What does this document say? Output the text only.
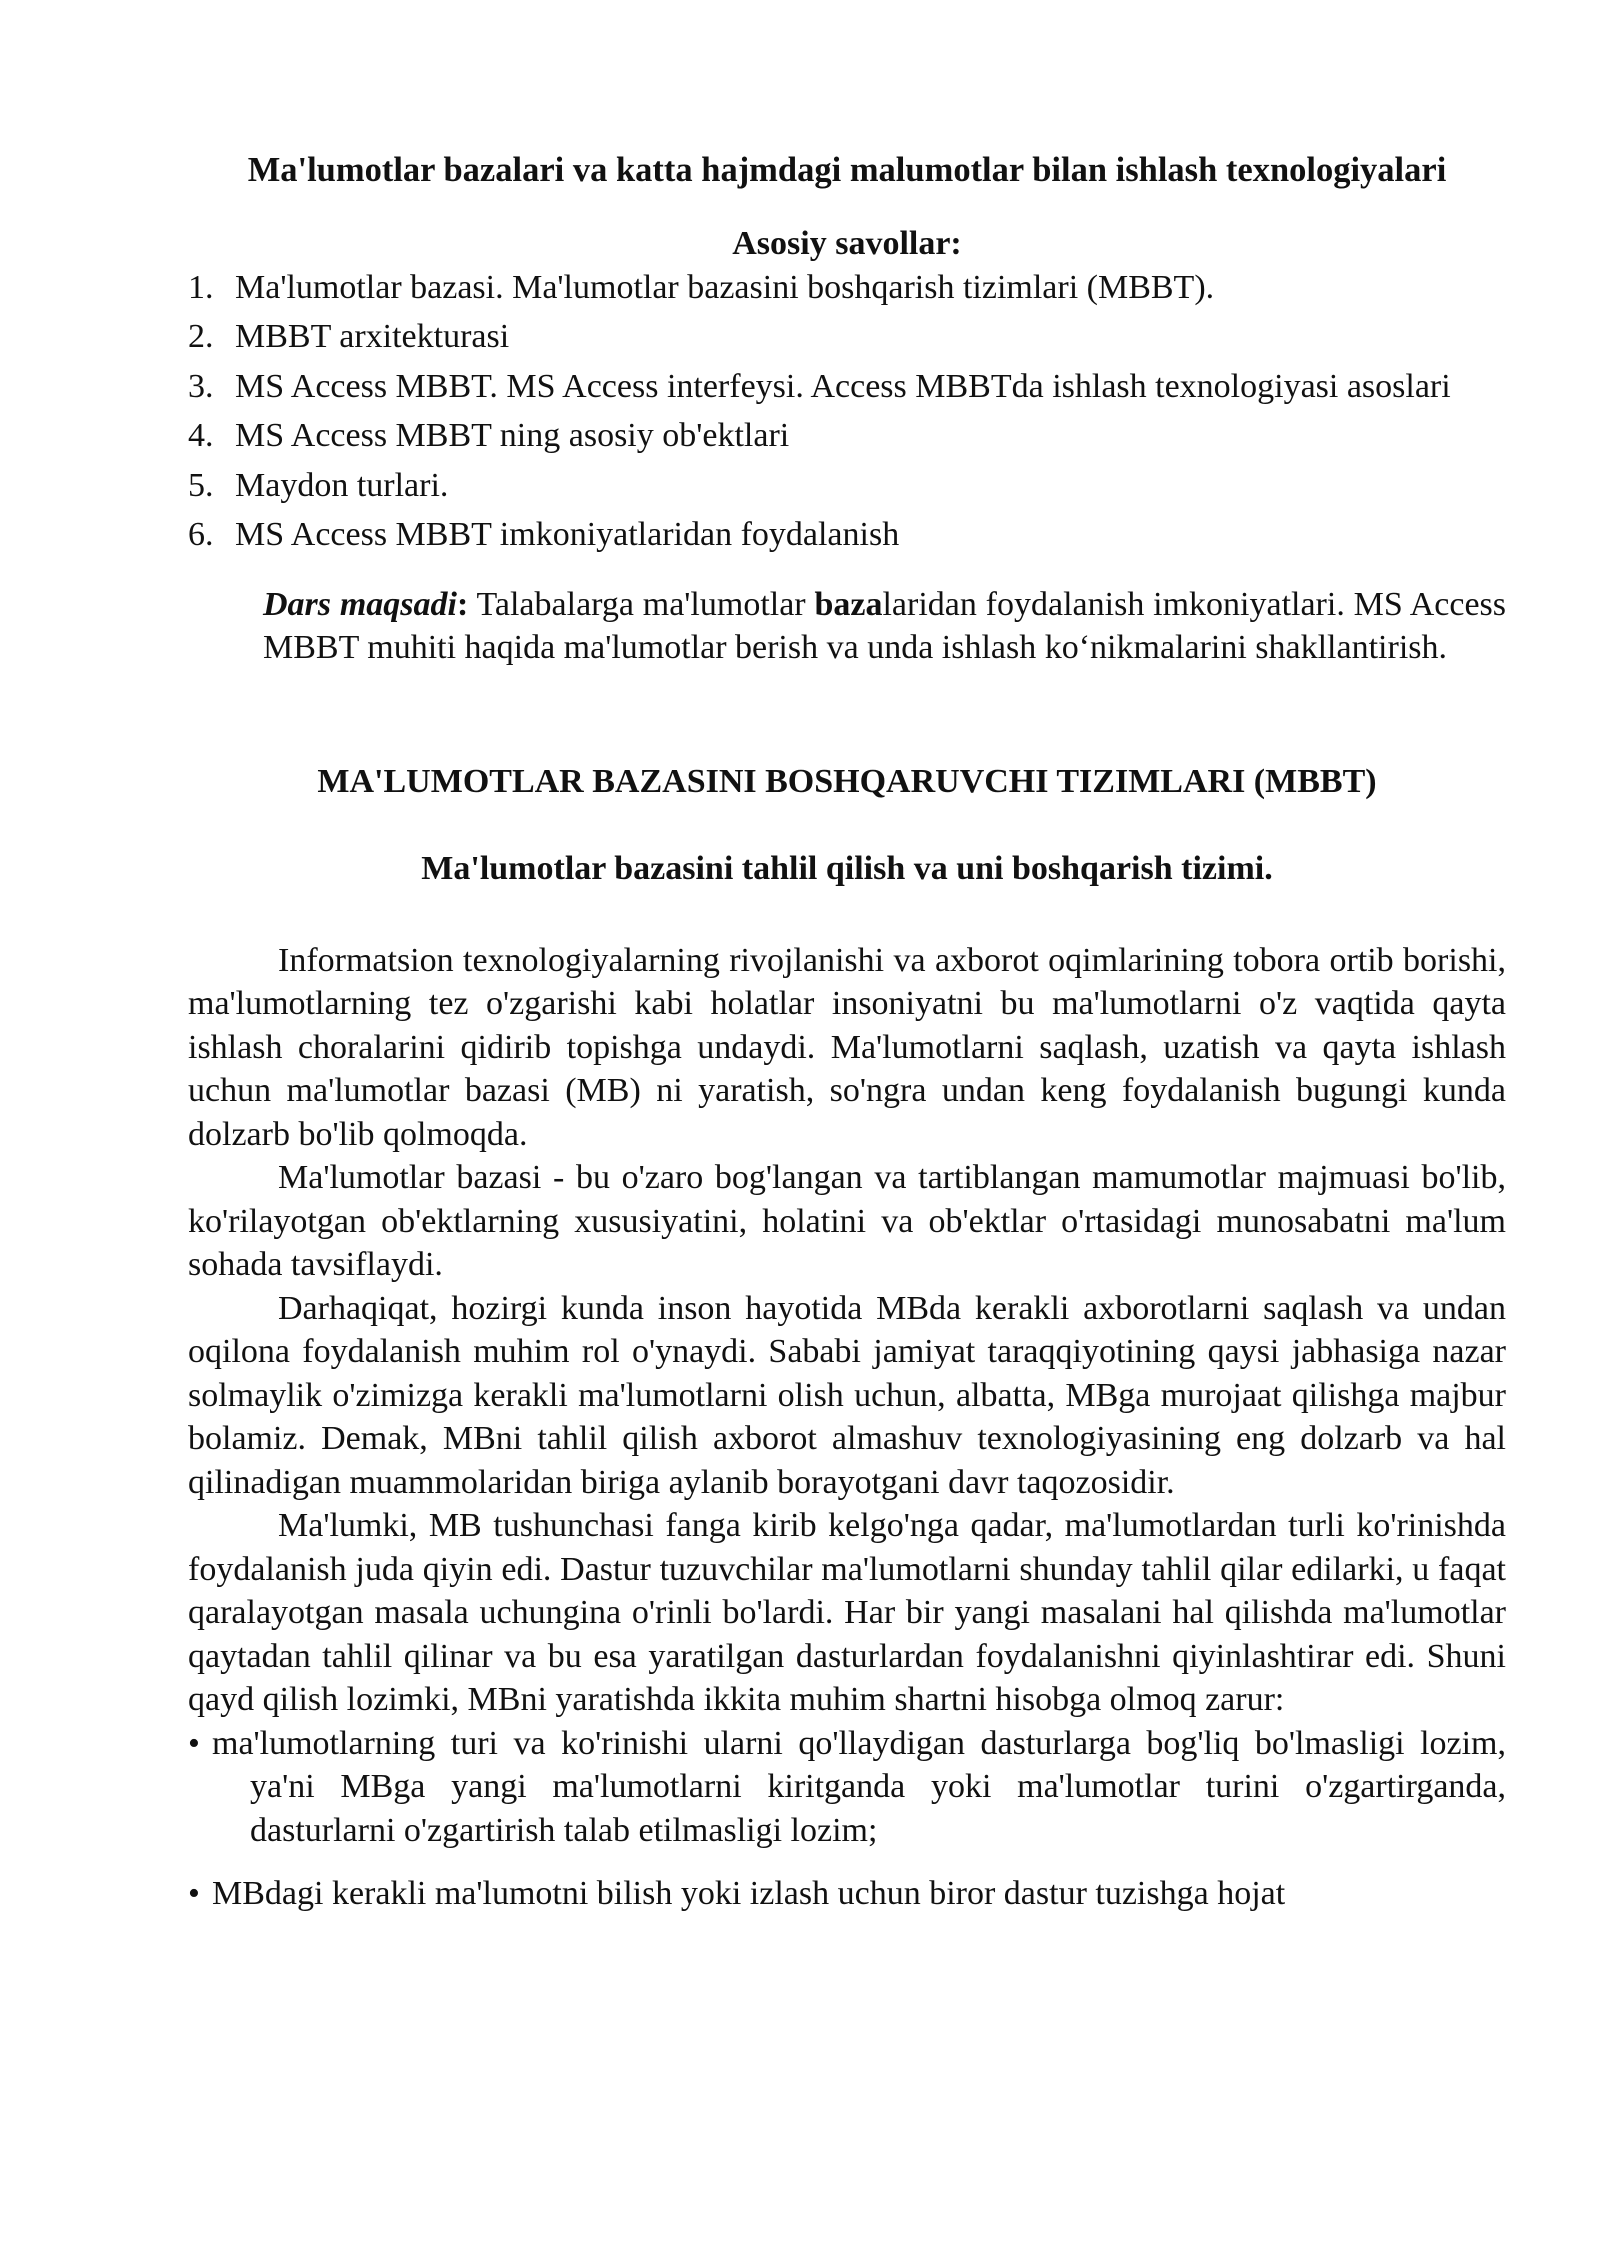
Ma'lumotlar bazalari va katta hajmdagi malumotlar bilan ishlash texnologiyalari

Asosiy savollar:

1. Ma'lumotlar bazasi. Ma'lumotlar bazasini boshqarish tizimlari (MBBT).
2. MBBT arxitekturasi
3. MS Access MBBT. MS Access interfeysi. Access MBBTda ishlash texnologiyasi asoslari
4. MS Access MBBT ning asosiy ob'ektlari
5. Maydon turlari.
6. MS Access MBBT imkoniyatlaridan foydalanish

Dars maqsadi: Talabalarga ma'lumotlar bazalaridan foydalanish imkoniyatlari. MS Access MBBT muhiti haqida ma'lumotlar berish va unda ishlash ko‘nikmalarini shakllantirish.

MA'LUMOTLAR BAZASINI BOSHQARUVCHI TIZIMLARI (MBBT)

Ma'lumotlar bazasini tahlil qilish va uni boshqarish tizimi.

Informatsion texnologiyalarning rivojlanishi va axborot oqimlarining tobora ortib borishi, ma'lumotlarning tez o'zgarishi kabi holatlar insoniyatni bu ma'lumotlarni o'z vaqtida qayta ishlash choralarini qidirib topishga undaydi. Ma'lumotlarni saqlash, uzatish va qayta ishlash uchun ma'lumotlar bazasi (MB) ni yaratish, so'ngra undan keng foydalanish bugungi kunda dolzarb bo'lib qolmoqda.

Ma'lumotlar bazasi - bu o'zaro bog'langan va tartiblangan mamumotlar majmuasi bo'lib, ko'rilayotgan ob'ektlarning xususiyatini, holatini va ob'ektlar o'rtasidagi munosabatni ma'lum sohada tavsiflaydi.

Darhaqiqat, hozirgi kunda inson hayotida MBda kerakli axborotlarni saqlash va undan oqilona foydalanish muhim rol o'ynaydi. Sababi jamiyat taraqqiyotining qaysi jabhasiga nazar solmaylik o'zimizga kerakli ma'lumotlarni olish uchun, albatta, MBga murojaat qilishga majbur bolamiz. Demak, MBni tahlil qilish axborot almashuv texnologiyasining eng dolzarb va hal qilinadigan muammolaridan biriga aylanib borayotgani davr taqozosidir.

Ma'lumki, MB tushunchasi fanga kirib kelgo'nga qadar, ma'lumotlardan turli ko'rinishda foydalanish juda qiyin edi. Dastur tuzuvchilar ma'lumotlarni shunday tahlil qilar edilarki, u faqat qaralayotgan masala uchungina o'rinli bo'lardi. Har bir yangi masalani hal qilishda ma'lumotlar qaytadan tahlil qilinar va bu esa yaratilgan dasturlardan foydalanishni qiyinlashtirar edi. Shuni qayd qilish lozimki, MBni yaratishda ikkita muhim shartni hisobga olmoq zarur:

• ma'lumotlarning turi va ko'rinishi ularni qo'llaydigan dasturlarga bog'liq bo'lmasligi lozim, ya'ni MBga yangi ma'lumotlarni kiritganda yoki ma'lumotlar turini o'zgartirganda, dasturlarni o'zgartirish talab etilmasligi lozim;
• MBdagi kerakli ma'lumotni bilish yoki izlash uchun biror dastur tuzishga hojat
